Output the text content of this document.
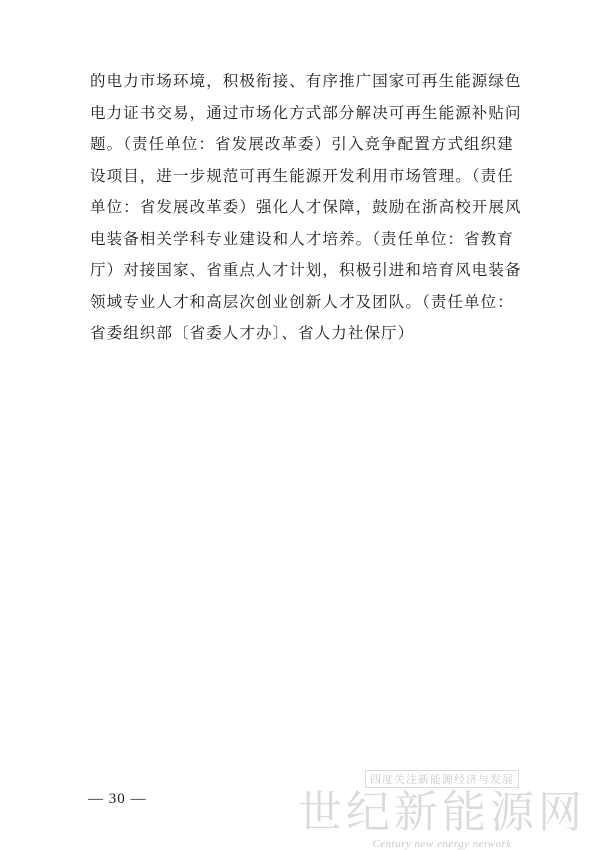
的电力市场环境，积极衔接、有序推广国家可再生能源绿色
电力证书交易，通过市场化方式部分解决可再生能源补贴问
题。（责任单位：省发展改革委）引入竞争配置方式组织建
设项目，进一步规范可再生能源开发利用市场管理。（责任
单位：省发展改革委）强化人才保障，鼓励在浙高校开展风
电装备相关学科专业建设和人才培养。（责任单位：省教育
厅）对接国家、省重点人才计划，积极引进和培育风电装备
领域专业人才和高层次创业创新人才及团队。（责任单位：
省委组织部〔省委人才办〕、省人力社保厅）
— 30 —
四度关注新能源经济与发展
世纪新能源网
Century new energy network
